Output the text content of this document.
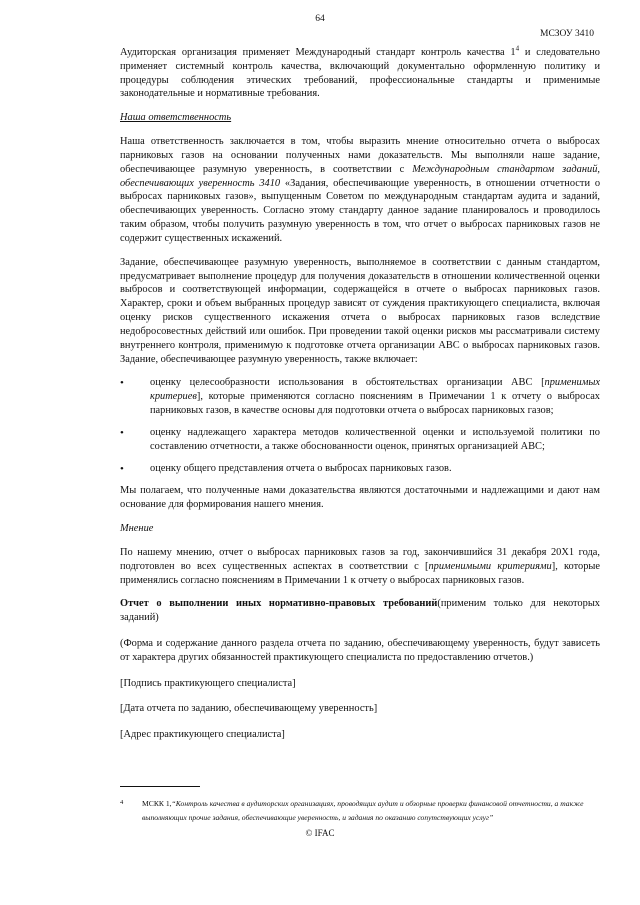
64
МСЗОУ 3410

Аудиторская организация применяет Международный стандарт контроль качества $1^4$ и следовательно применяет системный контроль качества, включающий документально оформленную политику и процедуры соблюдения этических требований, профессиональные стандарты и применимые законодательные и нормативные требования.

Наша ответственность

Наша ответственность заключается в том, чтобы выразить мнение относительно отчета о выбросах парниковых газов на основании полученных нами доказательств. Мы выполняли наше задание, обеспечивающее разумную уверенность, в соответствии с Международным стандартом заданий, обеспечивающих уверенность 3410 «Задания, обеспечивающие уверенность, в отношении отчетности о выбросах парниковых газов», выпущенным Советом по международным стандартам аудита и заданий, обеспечивающих уверенность. Согласно этому стандарту данное задание планировалось и проводилось таким образом, чтобы получить разумную уверенность в том, что отчет о выбросах парниковых газов не содержит существенных искажений.

Задание, обеспечивающее разумную уверенность, выполняемое в соответствии с данным стандартом, предусматривает выполнение процедур для получения доказательств в отношении количественной оценки выбросов и соответствующей информации, содержащейся в отчете о выбросах парниковых газов. Характер, сроки и объем выбранных процедур зависят от суждения практикующего специалиста, включая оценку рисков существенного искажения отчета о выбросах парниковых газов вследствие недобросовестных действий или ошибок. При проведении такой оценки рисков мы рассматривали систему внутреннего контроля, применимую к подготовке отчета организации АВС о выбросах парниковых газов. Задание, обеспечивающее разумную уверенность, также включает:

• оценку целесообразности использования в обстоятельствах организации АВС [применимых критериев], которые применяются согласно пояснениям в Примечании 1 к отчету о выбросах парниковых газов, в качестве основы для подготовки отчета о выбросах парниковых газов;
• оценку надлежащего характера методов количественной оценки и используемой политики по составлению отчетности, а также обоснованности оценок, принятых организацией АВС;
• оценку общего представления отчета о выбросах парниковых газов.

Мы полагаем, что полученные нами доказательства являются достаточными и надлежащими и дают нам основание для формирования нашего мнения.

Мнение

По нашему мнению, отчет о выбросах парниковых газов за год, закончившийся 31 декабря 20Х1 года, подготовлен во всех существенных аспектах в соответствии с [применимыми критериями], которые применялись согласно пояснениям в Примечании 1 к отчету о выбросах парниковых газов.

Отчет о выполнении иных нормативно-правовых требований(применим только для некоторых заданий)

(Форма и содержание данного раздела отчета по заданию, обеспечивающему уверенность, будут зависеть от характера других обязанностей практикующего специалиста по предоставлению отчетов.)

[Подпись практикующего специалиста]

[Дата отчета по заданию, обеспечивающему уверенность]

[Адрес практикующего специалиста]

4 МСКК 1,“Контроль качества в аудиторских организациях, проводящих аудит и обзорные проверки финансовой отчетности, а также выполняющих прочие задания, обеспечивающие уверенность, и задания по оказанию сопутствующих услуг”
© IFAC
